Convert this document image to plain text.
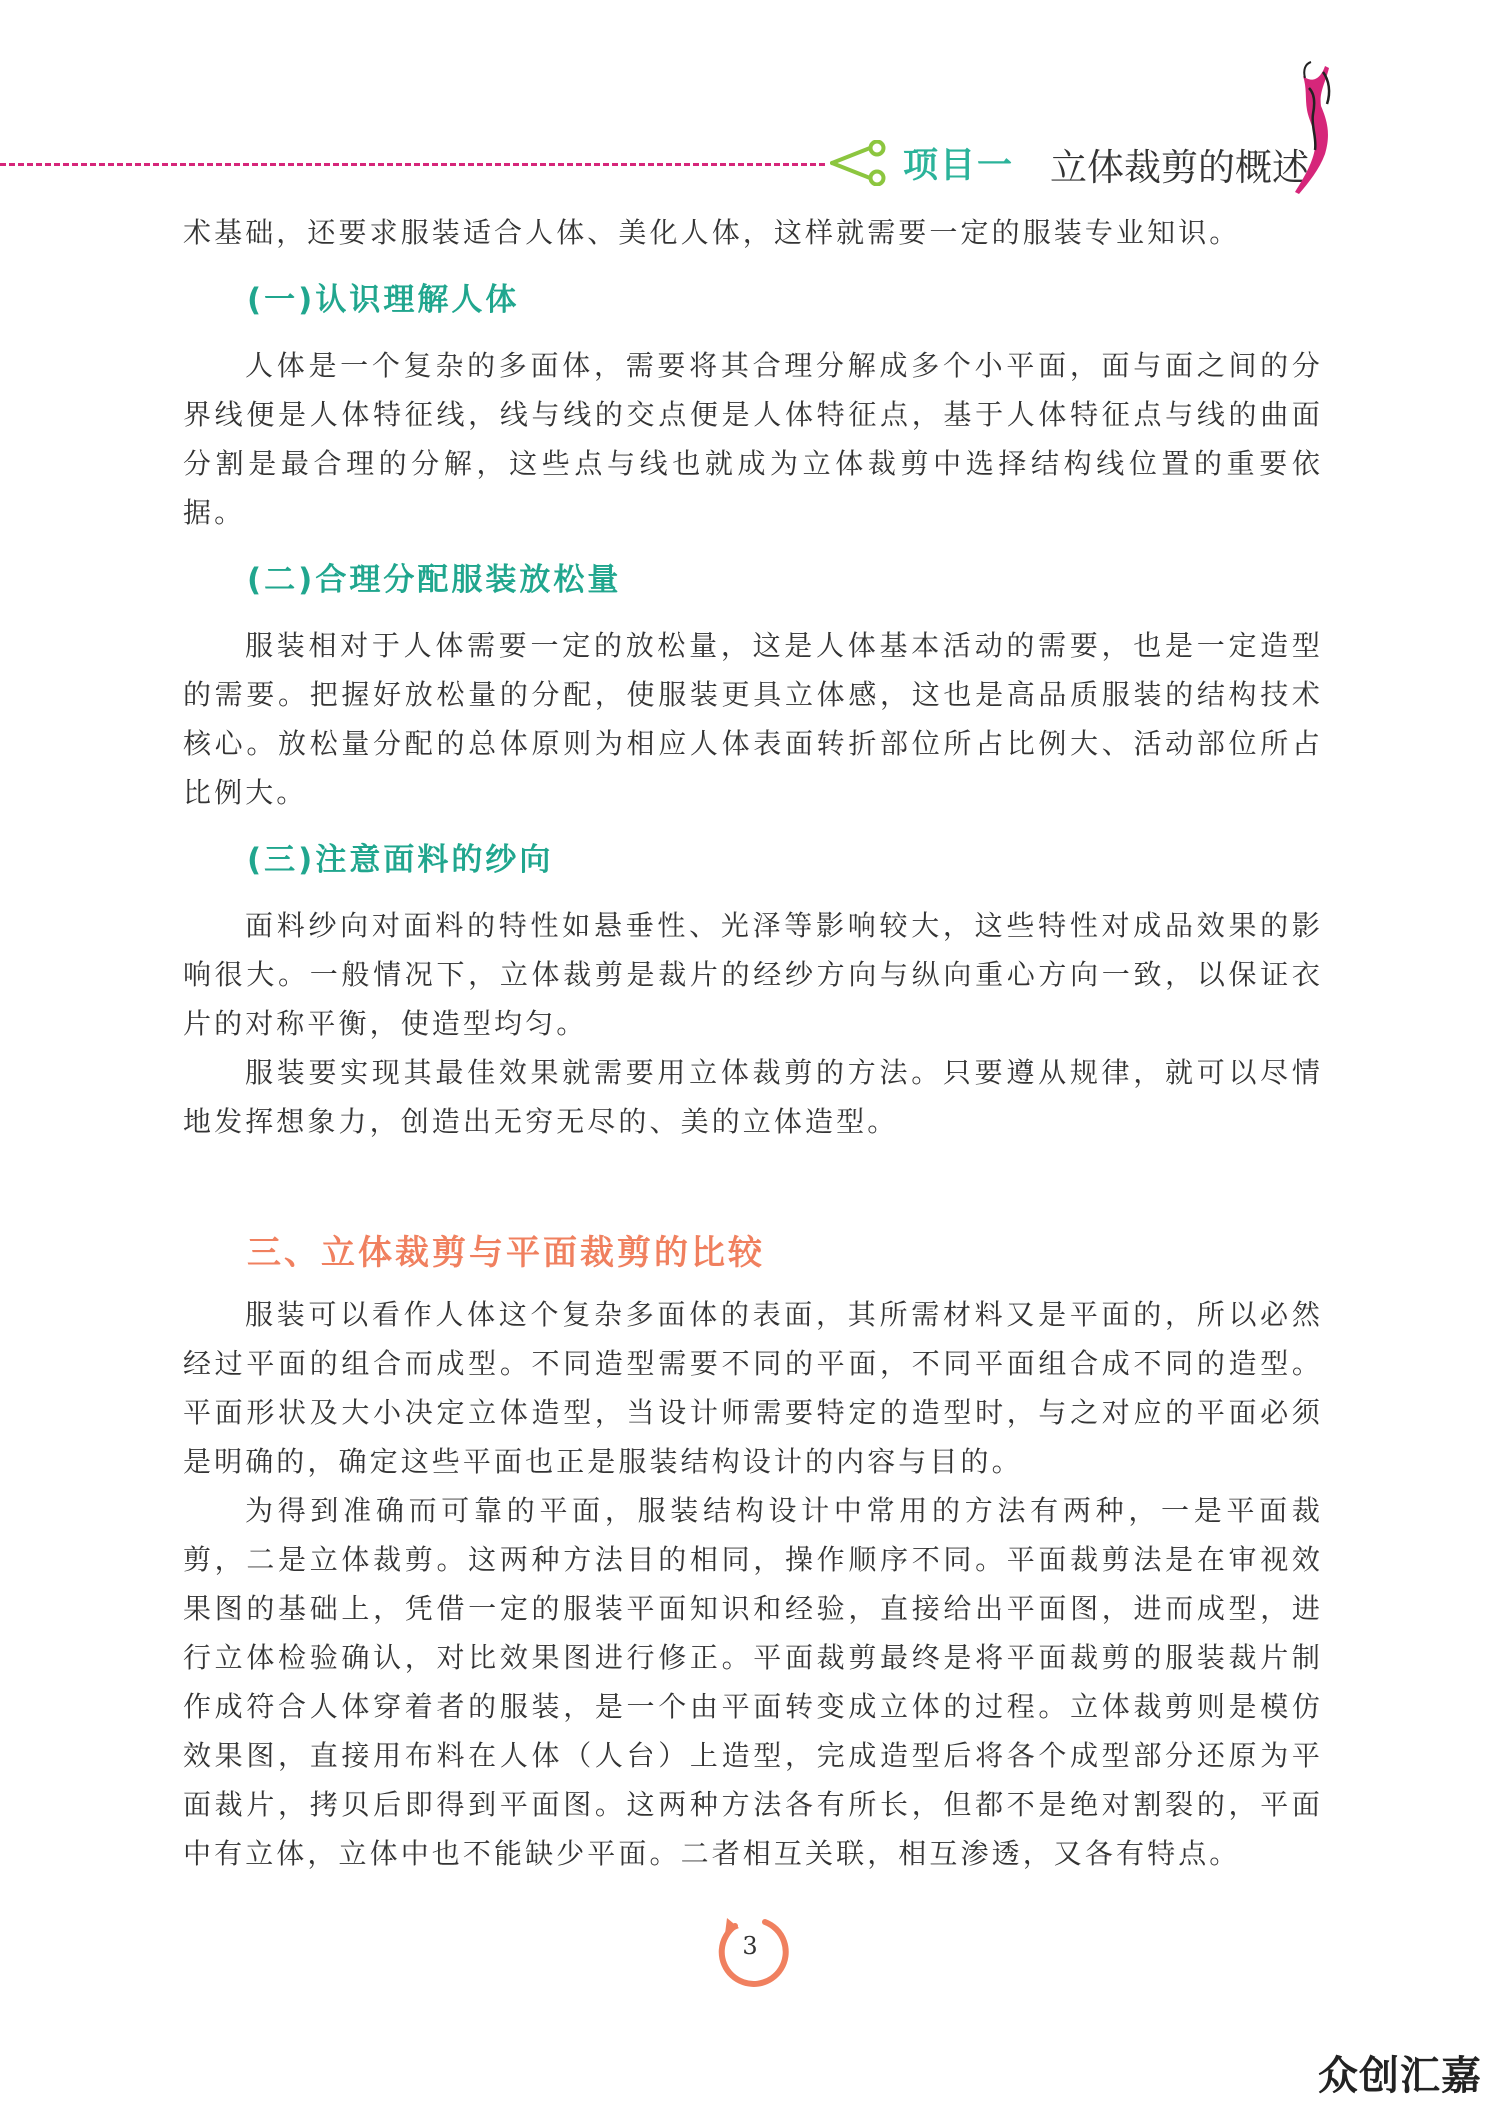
项目一 立体裁剪的概述

术基础，还要求服装适合人体、美化人体，这样就需要一定的服装专业知识。

(一)认识理解人体

人体是一个复杂的多面体，需要将其合理分解成多个小平面，面与面之间的分界线便是人体特征线，线与线的交点便是人体特征点，基于人体特征点与线的曲面分割是最合理的分解，这些点与线也就成为立体裁剪中选择结构线位置的重要依据。

(二)合理分配服装放松量

服装相对于人体需要一定的放松量，这是人体基本活动的需要，也是一定造型的需要。把握好放松量的分配，使服装更具立体感，这也是高品质服装的结构技术核心。放松量分配的总体原则为相应人体表面转折部位所占比例大、活动部位所占比例大。

(三)注意面料的纱向

面料纱向对面料的特性如悬垂性、光泽等影响较大，这些特性对成品效果的影响很大。一般情况下，立体裁剪是裁片的经纱方向与纵向重心方向一致，以保证衣片的对称平衡，使造型均匀。

服装要实现其最佳效果就需要用立体裁剪的方法。只要遵从规律，就可以尽情地发挥想象力，创造出无穷无尽的、美的立体造型。

三、立体裁剪与平面裁剪的比较

服装可以看作人体这个复杂多面体的表面，其所需材料又是平面的，所以必然经过平面的组合而成型。不同造型需要不同的平面，不同平面组合成不同的造型。平面形状及大小决定立体造型，当设计师需要特定的造型时，与之对应的平面必须是明确的，确定这些平面也正是服装结构设计的内容与目的。

为得到准确而可靠的平面，服装结构设计中常用的方法有两种，一是平面裁剪，二是立体裁剪。这两种方法目的相同，操作顺序不同。平面裁剪法是在审视效果图的基础上，凭借一定的服装平面知识和经验，直接给出平面图，进而成型，进行立体检验确认，对比效果图进行修正。平面裁剪最终是将平面裁剪的服装裁片制作成符合人体穿着者的服装，是一个由平面转变成立体的过程。立体裁剪则是模仿效果图，直接用布料在人体（人台）上造型，完成造型后将各个成型部分还原为平面裁片，拷贝后即得到平面图。这两种方法各有所长，但都不是绝对割裂的，平面中有立体，立体中也不能缺少平面。二者相互关联，相互渗透，又各有特点。

3
众创汇嘉
